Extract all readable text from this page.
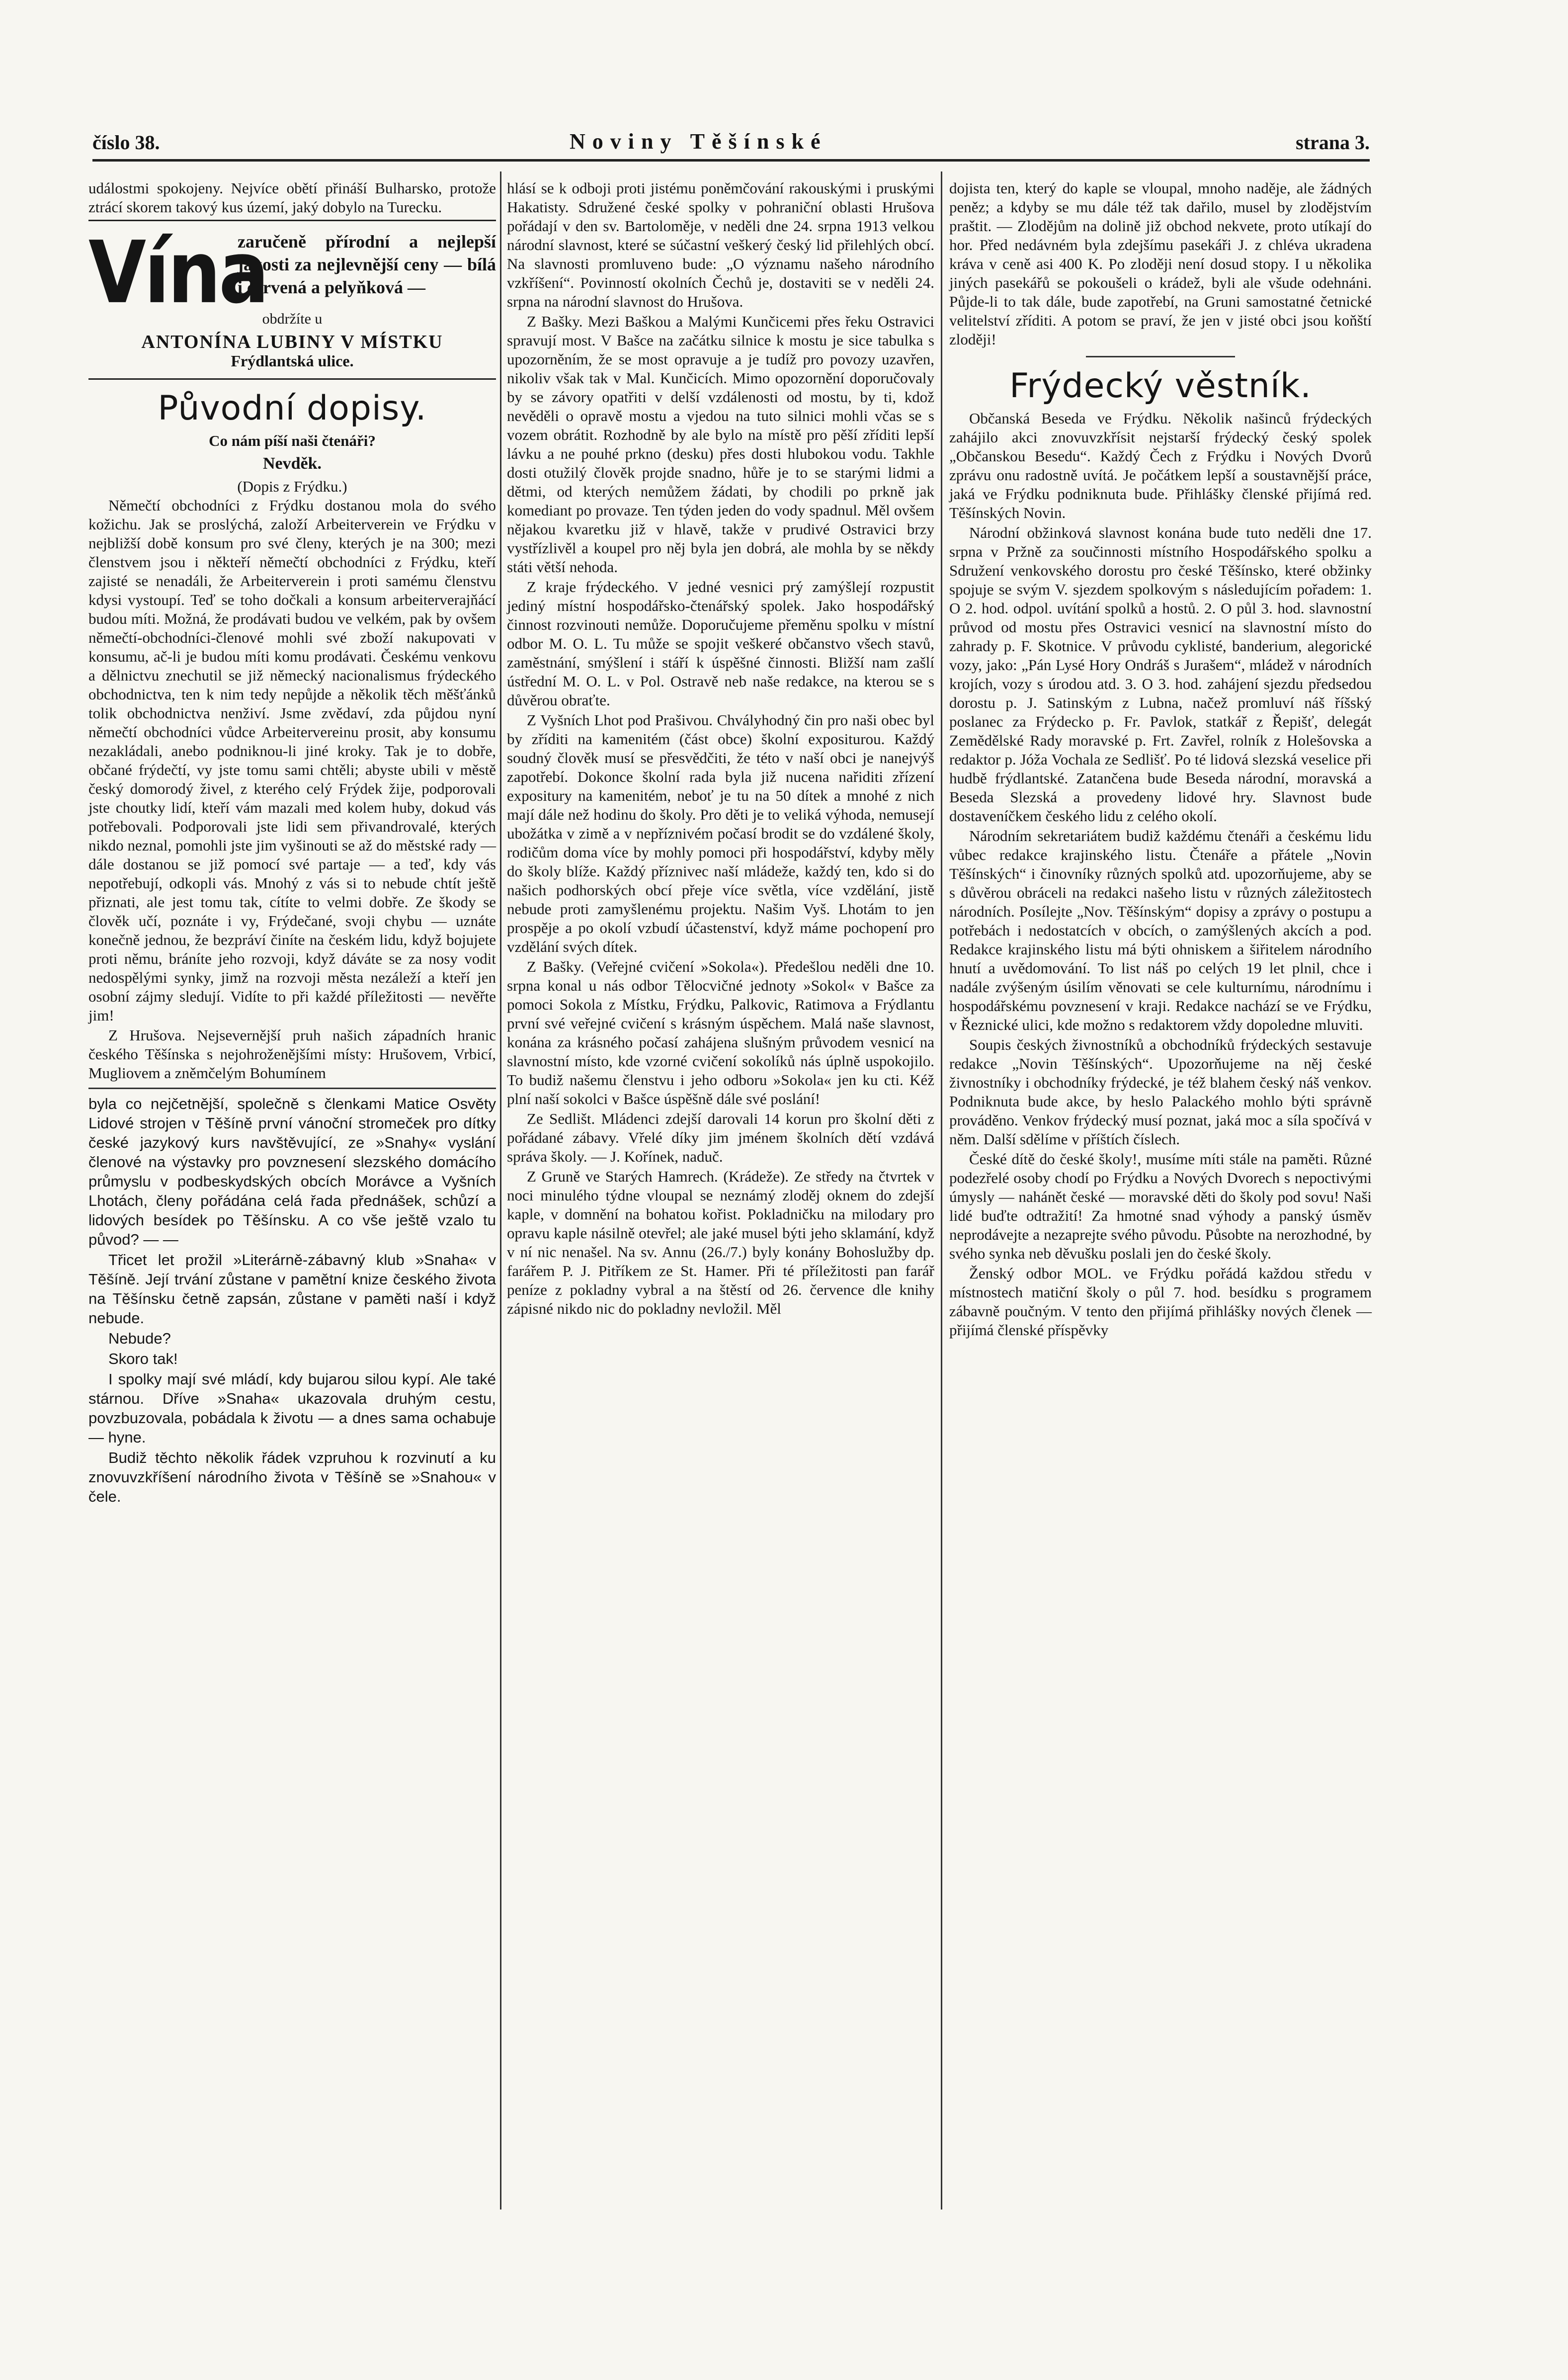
číslo 38.	Noviny Těšínské	strana 3.

událostmi spokojeny. Nejvíce obětí přináší Bulharsko, protože ztrácí skorem takový kus území, jaký dobylo na Turecku.

Vína
zaručeně přírodní a nejlepší jakosti za nejlevnější ceny — bílá i červená a pelyňková —
obdržíte u
ANTONÍNA LUBINY V MÍSTKU
Frýdlantská ulice.
Původní dopisy.
Co nám píší naši čtenáři?
Nevděk.
(Dopis z Frýdku.)

Němečtí obchodníci z Frýdku dostanou mola do svého kožichu. Jak se proslýchá, založí Arbeiterverein ve Frýdku v nejbližší době konsum pro své členy, kterých je na 300; mezi členstvem jsou i někteří němečtí obchodníci z Frýdku, kteří zajisté se nenadáli, že Arbeiterverein i proti samému členstvu kdysi vystoupí. Teď se toho dočkali a konsum arbeiterverajňácí budou míti. Možná, že prodávati budou ve velkém, pak by ovšem němečtí-obchodníci-členové mohli své zboží nakupovati v konsumu, ač-li je budou míti komu prodávati. Českému venkovu a dělnictvu znechutil se již německý nacionalismus frýdeckého obchodnictva, ten k nim tedy nepůjde a několik těch měšťánků tolik obchodnictva nenživí. Jsme zvědaví, zda půjdou nyní němečtí obchodníci vůdce Arbeitervereinu prosit, aby konsumu nezakládali, anebo podniknou-li jiné kroky. Tak je to dobře, občané frýdečtí, vy jste tomu sami chtěli; abyste ubili v městě český domorodý živel, z kterého celý Frýdek žije, podporovali jste choutky lidí, kteří vám mazali med kolem huby, dokud vás potřebovali. Podporovali jste lidi sem přivandrovalé, kterých nikdo neznal, pomohli jste jim vyšinouti se až do městské rady — dále dostanou se již pomocí své partaje — a teď, kdy vás nepotřebují, odkopli vás. Mnohý z vás si to nebude chtít ještě přiznati, ale jest tomu tak, cítíte to velmi dobře. Ze škody se člověk učí, poznáte i vy, Frýdečané, svoji chybu — uznáte konečně jednou, že bezpráví činíte na českém lidu, když bojujete proti němu, bráníte jeho rozvoji, když dáváte se za nosy vodit nedospělými synky, jimž na rozvoji města nezáleží a kteří jen osobní zájmy sledují. Vidíte to při každé příležitosti — nevěřte jim!

Z Hrušova. Nejsevernější pruh našich západních hranic českého Těšínska s nejohroženějšími místy: Hrušovem, Vrbicí, Mugliovem a zněmčelým Bohumínem

byla co nejčetnější, společně s členkami Matice Osvěty Lidové strojen v Těšíně první vánoční stromeček pro dítky české jazykový kurs navštěvující, ze »Snahy« vyslání členové na výstavky pro povznesení slezského domácího průmyslu v podbeskydských obcích Morávce a Vyšních Lhotách, členy pořádána celá řada přednášek, schůzí a lidových besídek po Těšínsku. A co vše ještě vzalo tu původ? — —

Třicet let prožil »Literárně-zábavný klub »Snaha« v Těšíně. Její trvání zůstane v pamětní knize českého života na Těšínsku četně zapsán, zůstane v paměti naší i když nebude.

Nebude?

Skoro tak!

I spolky mají své mládí, kdy bujarou silou kypí. Ale také stárnou. Dříve »Snaha« ukazovala druhým cestu, povzbuzovala, pobádala k životu — a dnes sama ochabuje — hyne.

Budiž těchto několik řádek vzpruhou k rozvinutí a ku znovuvzkříšení národního života v Těšíně se »Snahou« v čele.

hlásí se k odboji proti jistému poněmčování rakouskými i pruskými Hakatisty. Sdružené české spolky v pohraniční oblasti Hrušova pořádají v den sv. Bartoloměje, v neděli dne 24. srpna 1913 velkou národní slavnost, které se súčastní veškerý český lid přilehlých obcí. Na slavnosti promluveno bude: „O významu našeho národního vzkříšení“. Povinností okolních Čechů je, dostaviti se v neděli 24. srpna na národní slavnost do Hrušova.

Z Bašky. Mezi Baškou a Malými Kunčicemi přes řeku Ostravici spravují most. V Bašce na začátku silnice k mostu je sice tabulka s upozorněním, že se most opravuje a je tudíž pro povozy uzavřen, nikoliv však tak v Mal. Kunčicích. Mimo opozornění doporučovaly by se závory opatřiti v delší vzdálenosti od mostu, by ti, kdož nevěděli o opravě mostu a vjedou na tuto silnici mohli včas se s vozem obrátit. Rozhodně by ale bylo na místě pro pěší zříditi lepší lávku a ne pouhé prkno (desku) přes dosti hlubokou vodu. Takhle dosti otužilý člověk projde snadno, hůře je to se starými lidmi a dětmi, od kterých nemůžem žádati, by chodili po prkně jak komediant po provaze. Ten týden jeden do vody spadnul. Měl ovšem nějakou kvaretku již v hlavě, takže v prudivé Ostravici brzy vystřízlivěl a koupel pro něj byla jen dobrá, ale mohla by se někdy státi větší nehoda.

Z kraje frýdeckého. V jedné vesnici prý zamýšlejí rozpustit jediný místní hospodářsko-čtenářský spolek. Jako hospodářský činnost rozvinouti nemůže. Doporučujeme přeměnu spolku v místní odbor M. O. L. Tu může se spojit veškeré občanstvo všech stavů, zaměstnání, smýšlení i stáří k úspěšné činnosti. Bližší nam zašlí ústřední M. O. L. v Pol. Ostravě neb naše redakce, na kterou se s důvěrou obraťte.

Z Vyšních Lhot pod Prašivou. Chvályhodný čin pro naši obec byl by zříditi na kamenitém (část obce) školní expositurou. Každý soudný člověk musí se přesvědčiti, že této v naší obci je nanejvýš zapotřebí. Dokonce školní rada byla již nucena nařiditi zřízení expositury na kamenitém, neboť je tu na 50 dítek a mnohé z nich mají dále než hodinu do školy. Pro děti je to veliká výhoda, nemusejí ubožátka v zimě a v nepříznivém počasí brodit se do vzdálené školy, rodičům doma více by mohly pomoci při hospodářství, kdyby měly do školy blíže. Každý příznivec naší mládeže, každý ten, kdo si do našich podhorských obcí přeje více světla, více vzdělání, jistě nebude proti zamyšlenému projektu. Našim Vyš. Lhotám to jen prospěje a po okolí vzbudí účastenství, když máme pochopení pro vzdělání svých dítek.

Z Bašky. (Veřejné cvičení »Sokola«). Předešlou neděli dne 10. srpna konal u nás odbor Tělocvičné jednoty »Sokol« v Bašce za pomoci Sokola z Místku, Frýdku, Palkovic, Ratimova a Frýdlantu první své veřejné cvičení s krásným úspěchem. Malá naše slavnost, konána za krásného počasí zahájena slušným průvodem vesnicí na slavnostní místo, kde vzorné cvičení sokolíků nás úplně uspokojilo. To budiž našemu členstvu i jeho odboru »Sokola« jen ku cti. Kéž plní naší sokolci v Bašce úspěšně dále své poslání!

Ze Sedlišt. Mládenci zdejší darovali 14 korun pro školní děti z pořádané zábavy. Vřelé díky jim jménem školních dětí vzdává správa školy. — J. Kořínek, naduč.

Z Gruně ve Starých Hamrech. (Krádeže). Ze středy na čtvrtek v noci minulého týdne vloupal se neznámý zloděj oknem do zdejší kaple, v domnění na bohatou kořist. Pokladničku na milodary pro opravu kaple násilně otevřel; ale jaké musel býti jeho sklamání, když v ní nic nenašel. Na sv. Annu (26./7.) byly konány Bohoslužby dp. farářem P. J. Pitříkem ze St. Hamer. Při té příležitosti pan farář peníze z pokladny vybral a na štěstí od 26. července dle knihy zápisné nikdo nic do pokladny nevložil. Měl

dojista ten, který do kaple se vloupal, mnoho naděje, ale žádných peněz; a kdyby se mu dále též tak dařilo, musel by zlodějstvím praštit. — Zlodějům na dolině již obchod nekvete, proto utíkají do hor. Před nedávném byla zdejšímu pasekáři J. z chléva ukradena kráva v ceně asi 400 K. Po zloději není dosud stopy. I u několika jiných pasekářů se pokoušeli o krádež, byli ale všude odehnáni. Půjde-li to tak dále, bude zapotřebí, na Gruni samostatné četnické velitelství zříditi. A potom se praví, že jen v jisté obci jsou koňští zloději!

Frýdecký věstník.

Občanská Beseda ve Frýdku. Několik našinců frýdeckých zahájilo akci znovuvzkřísit nejstarší frýdecký český spolek „Občanskou Besedu“. Každý Čech z Frýdku i Nových Dvorů zprávu onu radostně uvítá. Je počátkem lepší a soustavnější práce, jaká ve Frýdku podniknuta bude. Přihlášky členské přijímá red. Těšínských Novin.

Národní obžinková slavnost konána bude tuto neděli dne 17. srpna v Pržně za součinnosti místního Hospodářského spolku a Sdružení venkovského dorostu pro české Těšínsko, které obžinky spojuje se svým V. sjezdem spolkovým s následujícím pořadem: 1. O 2. hod. odpol. uvítání spolků a hostů. 2. O půl 3. hod. slavnostní průvod od mostu přes Ostravici vesnicí na slavnostní místo do zahrady p. F. Skotnice. V průvodu cyklisté, banderium, alegorické vozy, jako: „Pán Lysé Hory Ondráš s Jurašem“, mládež v národních krojích, vozy s úrodou atd. 3. O 3. hod. zahájení sjezdu předsedou dorostu p. J. Satinským z Lubna, načež promluví náš říšský poslanec za Frýdecko p. Fr. Pavlok, statkář z Řepišť, delegát Zemědělské Rady moravské p. Frt. Zavřel, rolník z Holešovska a redaktor p. Jóža Vochala ze Sedlišť. Po té lidová slezská veselice při hudbě frýdlantské. Zatančena bude Beseda národní, moravská a Beseda Slezská a provedeny lidové hry. Slavnost bude dostaveníčkem českého lidu z celého okolí.

Národním sekretariátem budiž každému čtenáři a českému lidu vůbec redakce krajinského listu. Čtenáře a přátele „Novin Těšínských“ i činovníky různých spolků atd. upozorňujeme, aby se s důvěrou obráceli na redakci našeho listu v různých záležitostech národních. Posílejte „Nov. Těšínským“ dopisy a zprávy o postupu a potřebách i nedostatcích v obcích, o zamýšlených akcích a pod. Redakce krajinského listu má býti ohniskem a šiřitelem národního hnutí a uvědomování. To list náš po celých 19 let plnil, chce i nadále zvýšeným úsilím věnovati se cele kulturnímu, národnímu i hospodářskému povznesení v kraji. Redakce nachází se ve Frýdku, v Řeznické ulici, kde možno s redaktorem vždy dopoledne mluviti.

Soupis českých živnostníků a obchodníků frýdeckých sestavuje redakce „Novin Těšínských“. Upozorňujeme na něj české živnostníky i obchodníky frýdecké, je též blahem český náš venkov. Podniknuta bude akce, by heslo Palackého mohlo býti správně prováděno. Venkov frýdecký musí poznat, jaká moc a síla spočívá v něm. Další sdělíme v příštích číslech.

České dítě do české školy!, musíme míti stále na paměti. Různé podezřelé osoby chodí po Frýdku a Nových Dvorech s nepoctivými úmysly — nahánět české — moravské děti do školy pod sovu! Naši lidé buďte odtražití! Za hmotné snad výhody a panský úsměv neprodávejte a nezaprejte svého původu. Působte na nerozhodné, by svého synka neb děvušku poslali jen do české školy.

Ženský odbor MOL. ve Frýdku pořádá každou středu v místnostech matiční školy o půl 7. hod. besídku s programem zábavně poučným. V tento den přijímá přihlášky nových členek — přijímá členské příspěvky
